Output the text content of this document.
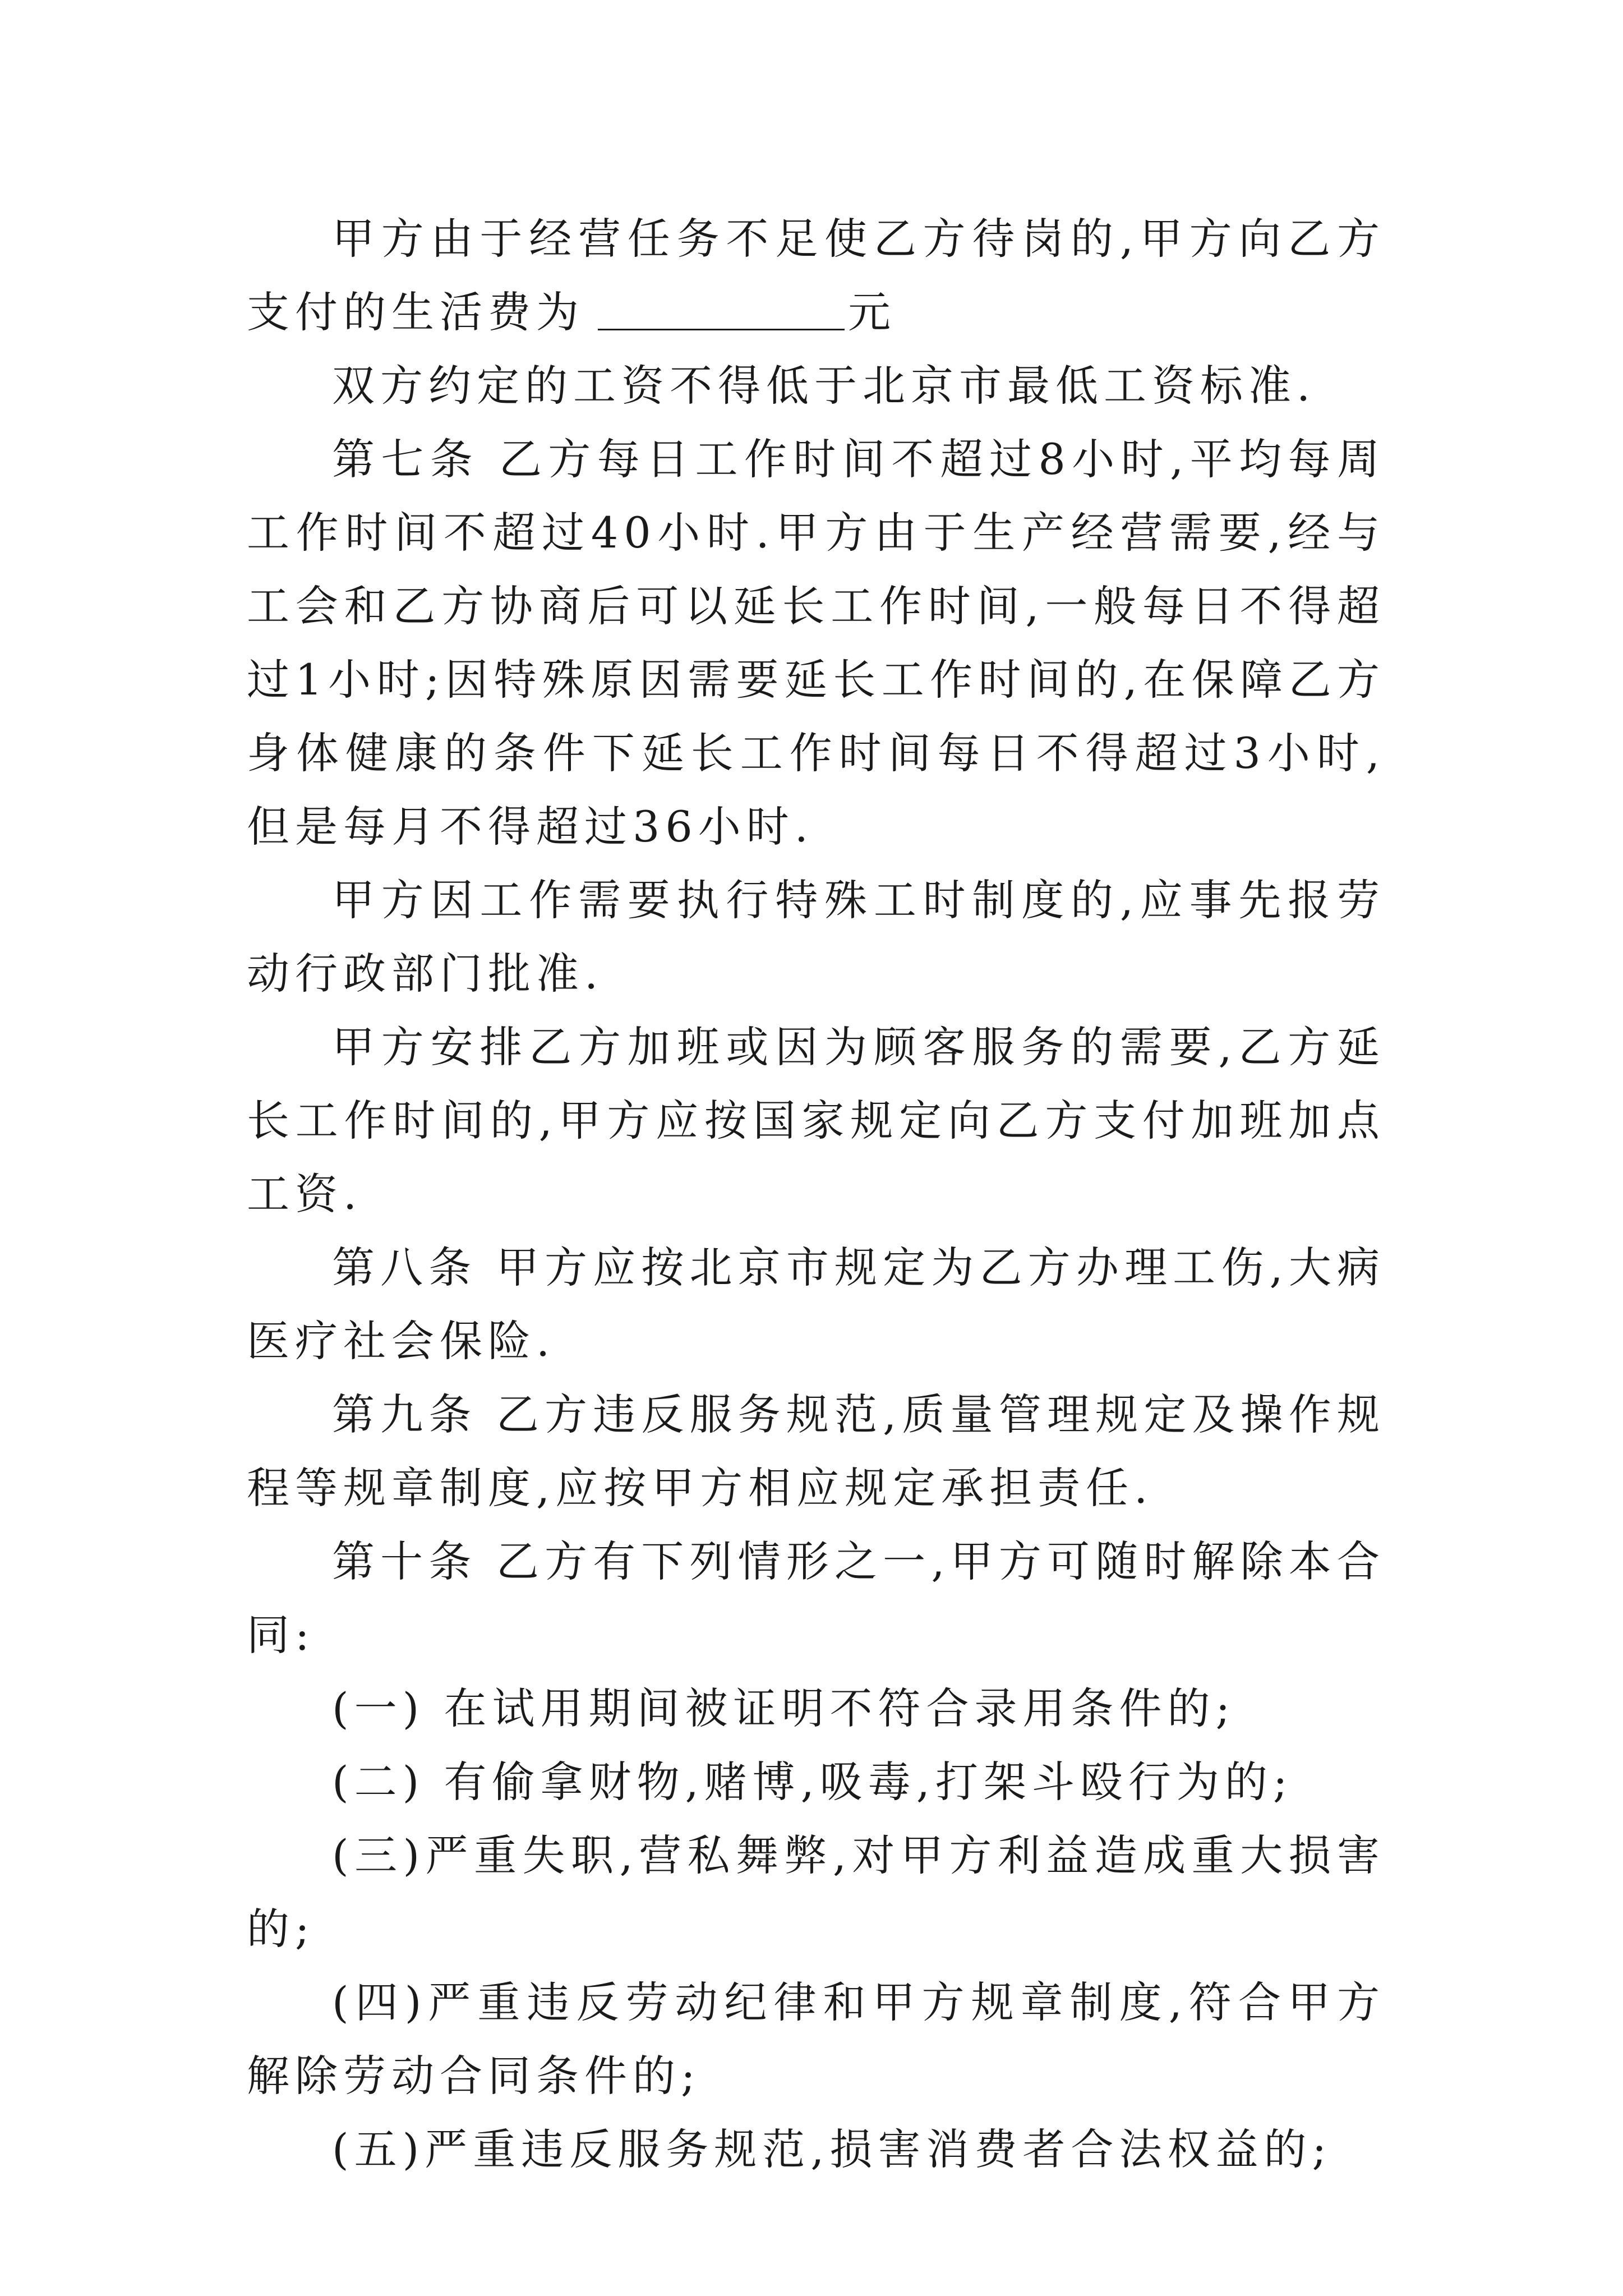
甲方由于经营任务不足使乙方待岗的,甲方向乙方支付的生活费为	元

双方约定的工资不得低于北京市最低工资标准.

第七条 乙方每日工作时间不超过8小时,平均每周工作时间不超过40小时.甲方由于生产经营需要,经与工会和乙方协商后可以延长工作时间,一般每日不得超过1小时;因特殊原因需要延长工作时间的,在保障乙方身体健康的条件下延长工作时间每日不得超过3小时,但是每月不得超过36小时.

甲方因工作需要执行特殊工时制度的,应事先报劳动行政部门批准.

甲方安排乙方加班或因为顾客服务的需要,乙方延长工作时间的,甲方应按国家规定向乙方支付加班加点工资.

第八条 甲方应按北京市规定为乙方办理工伤,大病医疗社会保险.

第九条 乙方违反服务规范,质量管理规定及操作规程等规章制度,应按甲方相应规定承担责任.

第十条 乙方有下列情形之一,甲方可随时解除本合同:

(一) 在试用期间被证明不符合录用条件的;

(二) 有偷拿财物,赌博,吸毒,打架斗殴行为的;

(三)严重失职,营私舞弊,对甲方利益造成重大损害的;

(四)严重违反劳动纪律和甲方规章制度,符合甲方解除劳动合同条件的;

(五)严重违反服务规范,损害消费者合法权益的;
